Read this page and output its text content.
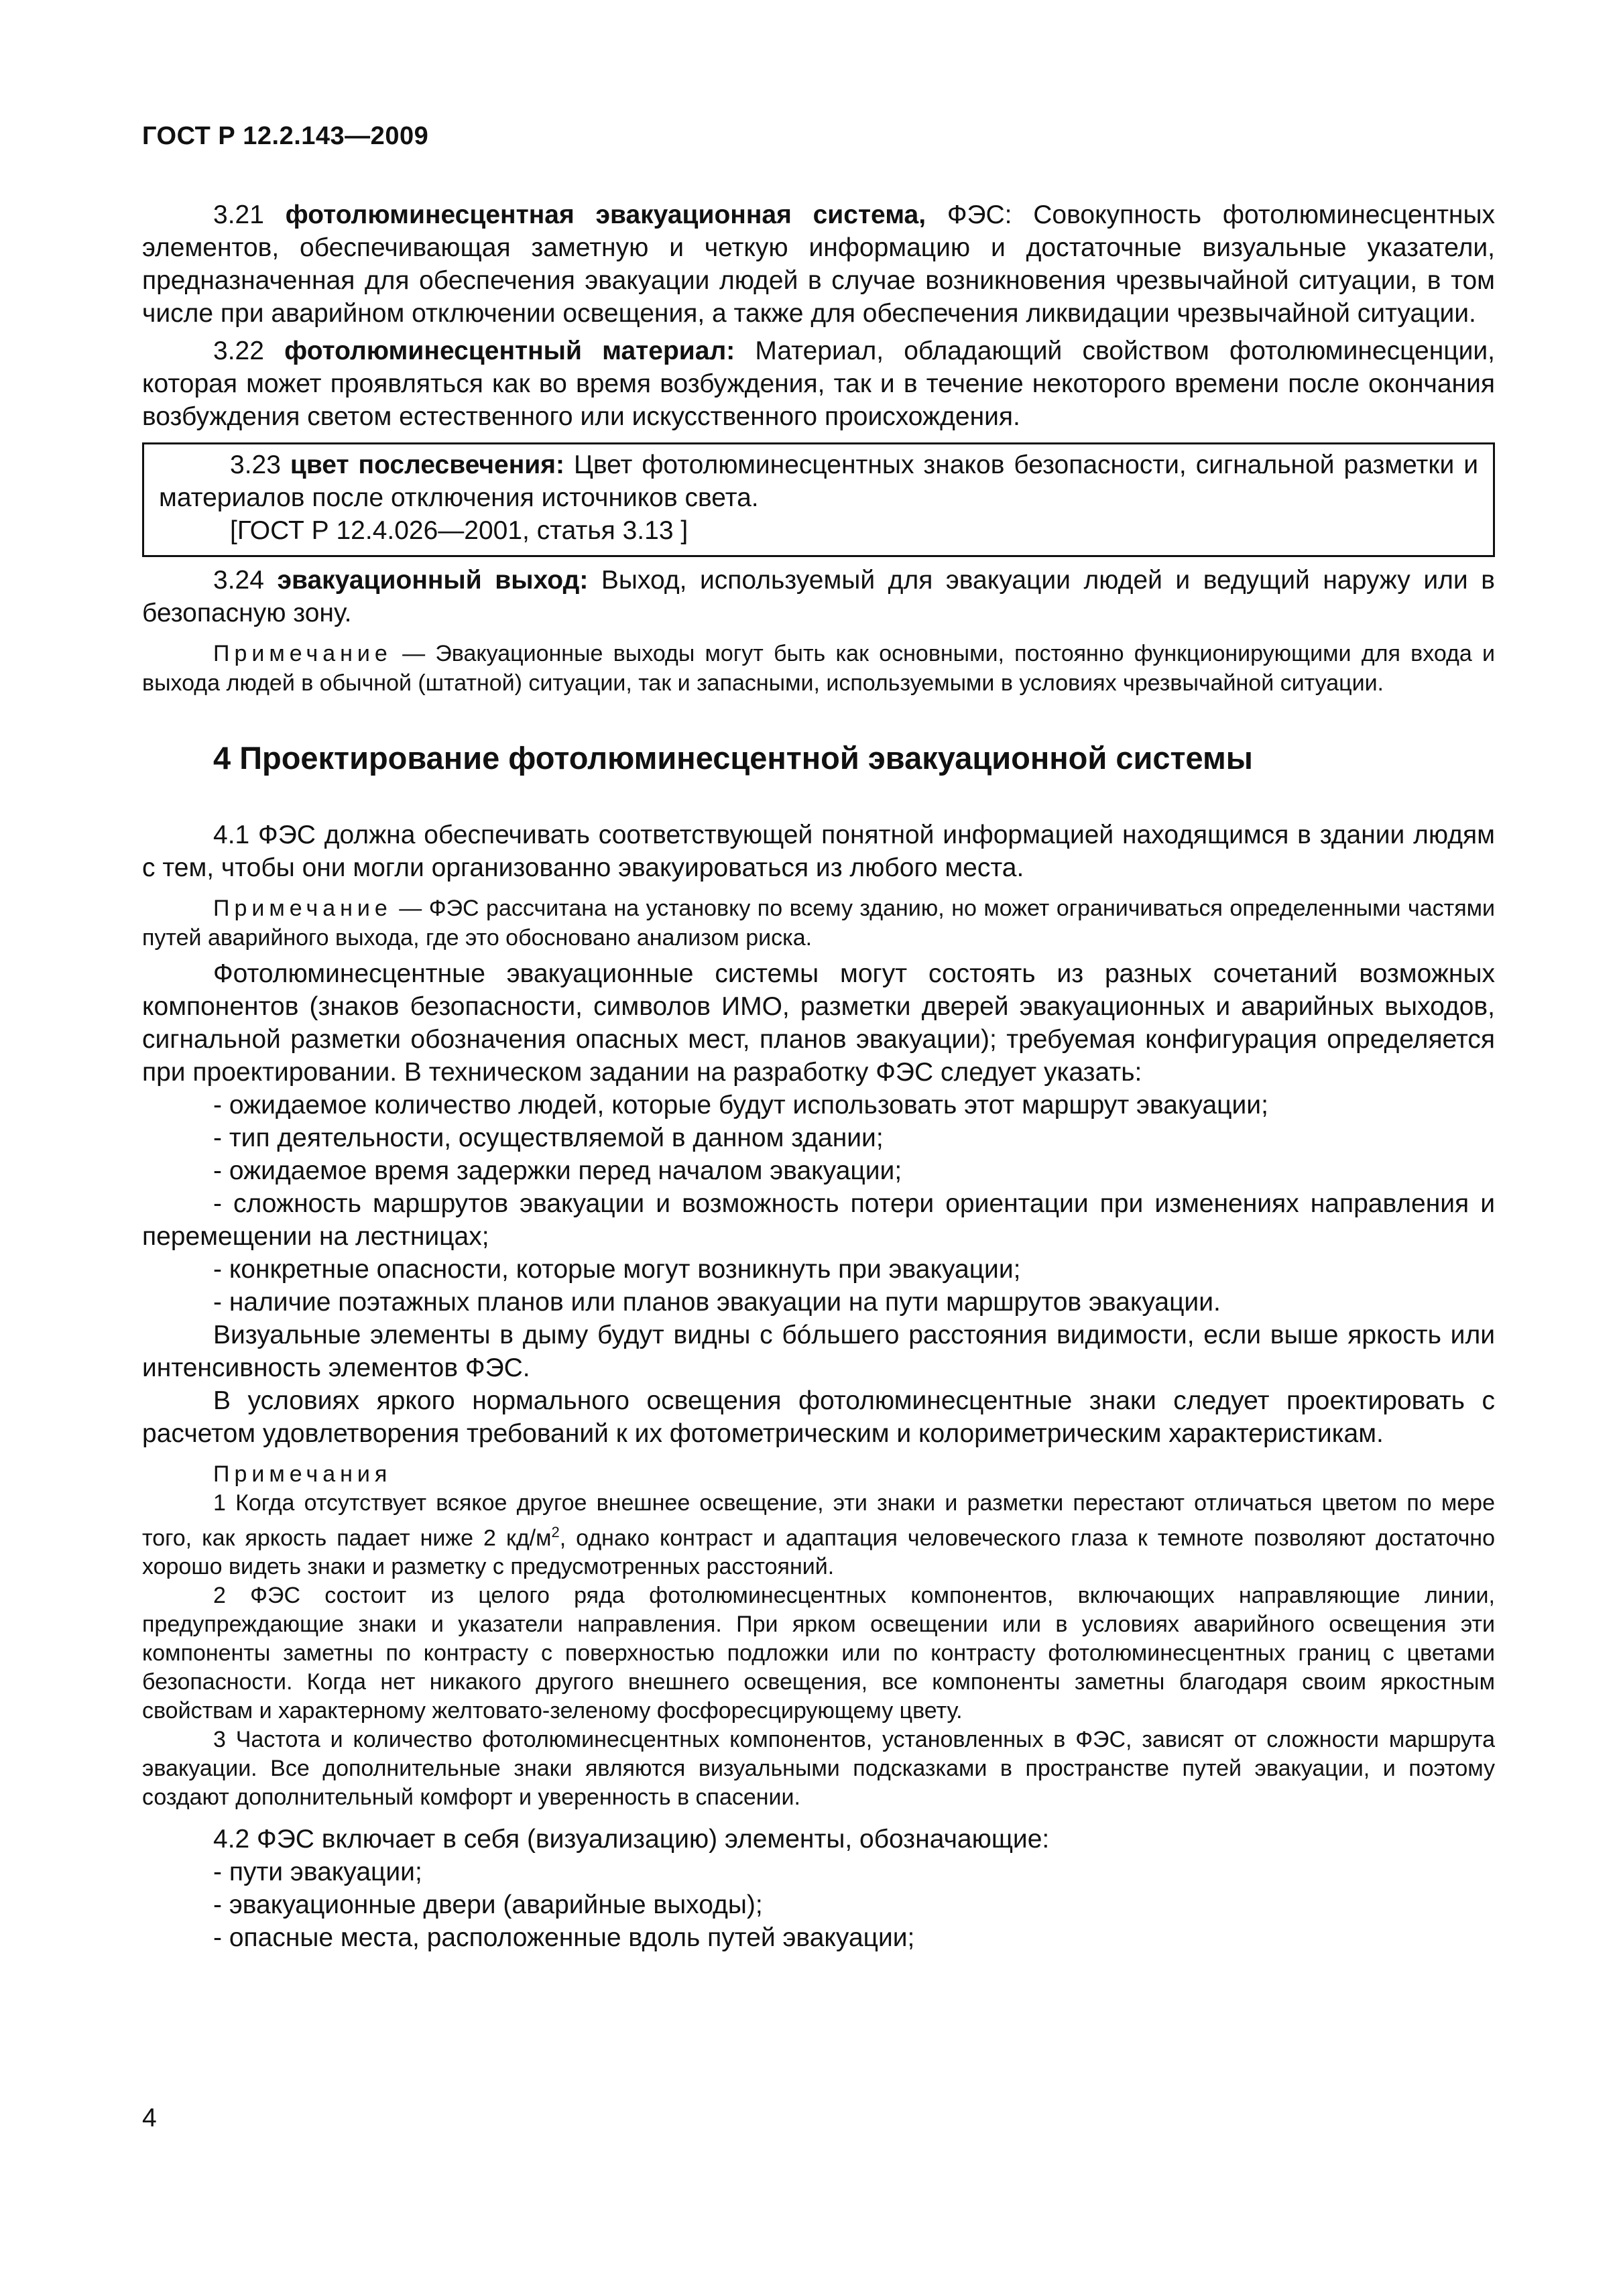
ГОСТ Р 12.2.143—2009

3.21 фотолюминесцентная эвакуационная система, ФЭС: Совокупность фотолюминесцентных элементов, обеспечивающая заметную и четкую информацию и достаточные визуальные указатели, предназначенная для обеспечения эвакуации людей в случае возникновения чрезвычайной ситуации, в том числе при аварийном отключении освещения, а также для обеспечения ликвидации чрезвычайной ситуации.

3.22 фотолюминесцентный материал: Материал, обладающий свойством фотолюминесценции, которая может проявляться как во время возбуждения, так и в течение некоторого времени после окончания возбуждения светом естественного или искусственного происхождения.

3.23 цвет послесвечения: Цвет фотолюминесцентных знаков безопасности, сигнальной разметки и материалов после отключения источников света.

[ГОСТ Р 12.4.026—2001, статья 3.13 ]

3.24 эвакуационный выход: Выход, используемый для эвакуации людей и ведущий наружу или в безопасную зону.

Примечание — Эвакуационные выходы могут быть как основными, постоянно функционирующими для входа и выхода людей в обычной (штатной) ситуации, так и запасными, используемыми в условиях чрезвычайной ситуации.

4 Проектирование фотолюминесцентной эвакуационной системы

4.1 ФЭС должна обеспечивать соответствующей понятной информацией находящимся в здании людям с тем, чтобы они могли организованно эвакуироваться из любого места.

Примечание — ФЭС рассчитана на установку по всему зданию, но может ограничиваться определенными частями путей аварийного выхода, где это обосновано анализом риска.

Фотолюминесцентные эвакуационные системы могут состоять из разных сочетаний возможных компонентов (знаков безопасности, символов ИМО, разметки дверей эвакуационных и аварийных выходов, сигнальной разметки обозначения опасных мест, планов эвакуации); требуемая конфигурация определяется при проектировании. В техническом задании на разработку ФЭС следует указать:

- ожидаемое количество людей, которые будут использовать этот маршрут эвакуации;

- тип деятельности, осуществляемой в данном здании;

- ожидаемое время задержки перед началом эвакуации;

- сложность маршрутов эвакуации и возможность потери ориентации при изменениях направления и перемещении на лестницах;

- конкретные опасности, которые могут возникнуть при эвакуации;

- наличие поэтажных планов или планов эвакуации на пути маршрутов эвакуации.

Визуальные элементы в дыму будут видны с бóльшего расстояния видимости, если выше яркость или интенсивность элементов ФЭС.

В условиях яркого нормального освещения фотолюминесцентные знаки следует проектировать с расчетом удовлетворения требований к их фотометрическим и колориметрическим характеристикам.

Примечания

1 Когда отсутствует всякое другое внешнее освещение, эти знаки и разметки перестают отличаться цветом по мере того, как яркость падает ниже 2 $кд/м^2$, однако контраст и адаптация человеческого глаза к темноте позволяют достаточно хорошо видеть знаки и разметку с предусмотренных расстояний.

2 ФЭС состоит из целого ряда фотолюминесцентных компонентов, включающих направляющие линии, предупреждающие знаки и указатели направления. При ярком освещении или в условиях аварийного освещения эти компоненты заметны по контрасту с поверхностью подложки или по контрасту фотолюминесцентных границ с цветами безопасности. Когда нет никакого другого внешнего освещения, все компоненты заметны благодаря своим яркостным свойствам и характерному желтовато-зеленому фосфоресцирующему цвету.

3 Частота и количество фотолюминесцентных компонентов, установленных в ФЭС, зависят от сложности маршрута эвакуации. Все дополнительные знаки являются визуальными подсказками в пространстве путей эвакуации, и поэтому создают дополнительный комфорт и уверенность в спасении.

4.2 ФЭС включает в себя (визуализацию) элементы, обозначающие:

- пути эвакуации;

- эвакуационные двери (аварийные выходы);

- опасные места, расположенные вдоль путей эвакуации;

4
